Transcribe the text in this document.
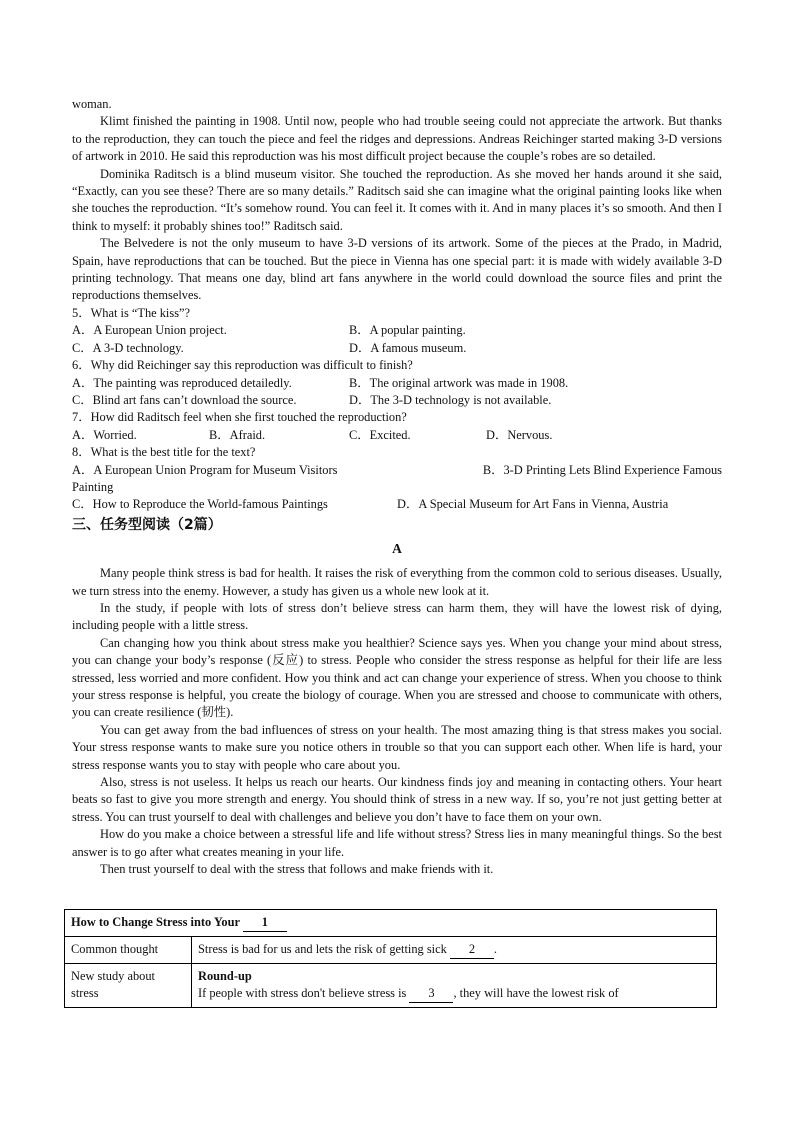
woman.

Klimt finished the painting in 1908. Until now, people who had trouble seeing could not appreciate the artwork. But thanks to the reproduction, they can touch the piece and feel the ridges and depressions. Andreas Reichinger started making 3-D versions of artwork in 2010. He said this reproduction was his most difficult project because the couple’s robes are so detailed.

Dominika Raditsch is a blind museum visitor. She touched the reproduction. As she moved her hands around it she said, “Exactly, can you see these? There are so many details.” Raditsch said she can imagine what the original painting looks like when she touches the reproduction. “It’s somehow round. You can feel it. It comes with it. And in many places it’s so smooth. And then I think to myself: it probably shines too!” Raditsch said.

The Belvedere is not the only museum to have 3-D versions of its artwork. Some of the pieces at the Prado, in Madrid, Spain, have reproductions that can be touched. But the piece in Vienna has one special part: it is made with widely available 3-D printing technology. That means one day, blind art fans anywhere in the world could download the source files and print the reproductions themselves.

5．What is “The kiss”?
A．A European Union project.	B．A popular painting.
C．A 3-D technology.	D．A famous museum.
6．Why did Reichinger say this reproduction was difficult to finish?
A．The painting was reproduced detailedly.	B．The original artwork was made in 1908.
C．Blind art fans can’t download the source.	D．The 3-D technology is not available.
7．How did Raditsch feel when she first touched the reproduction?
A．Worried.	B．Afraid.	C．Excited.	D．Nervous.
8．What is the best title for the text?
A．A European Union Program for Museum Visitors	B．3-D Printing Lets Blind Experience Famous
Painting
C．How to Reproduce the World-famous Paintings	D．A Special Museum for Art Fans in Vienna, Austria
三、任务型阅读（2篇）
A

Many people think stress is bad for health. It raises the risk of everything from the common cold to serious diseases. Usually, we turn stress into the enemy. However, a study has given us a whole new look at it.

In the study, if people with lots of stress don’t believe stress can harm them, they will have the lowest risk of dying, including people with a little stress.

Can changing how you think about stress make you healthier? Science says yes. When you change your mind about stress, you can change your body’s response (反应) to stress. People who consider the stress response as helpful for their life are less stressed, less worried and more confident. How you think and act can change your experience of stress. When you choose to think your stress response is helpful, you create the biology of courage. When you are stressed and choose to communicate with others, you can create resilience (韧性).

You can get away from the bad influences of stress on your health. The most amazing thing is that stress makes you social. Your stress response wants to make sure you notice others in trouble so that you can support each other. When life is hard, your stress response wants you to stay with people who care about you.

Also, stress is not useless. It helps us reach our hearts. Our kindness finds joy and meaning in contacting others. Your heart beats so fast to give you more strength and energy. You should think of stress in a new way. If so, you’re not just getting better at stress. You can trust yourself to deal with challenges and believe you don’t have to face them on your own.

How do you make a choice between a stressful life and life without stress? Stress lies in many meaningful things. So the best answer is to go after what creates meaning in your life.

Then trust yourself to deal with the stress that follows and make friends with it.

How to Change Stress into Your 1	
Common thought	Stress is bad for us and lets the risk of getting sick 2 .
New study about stress	Round-up
If people with stress don't believe stress is 3 , they will have the lowest risk of
